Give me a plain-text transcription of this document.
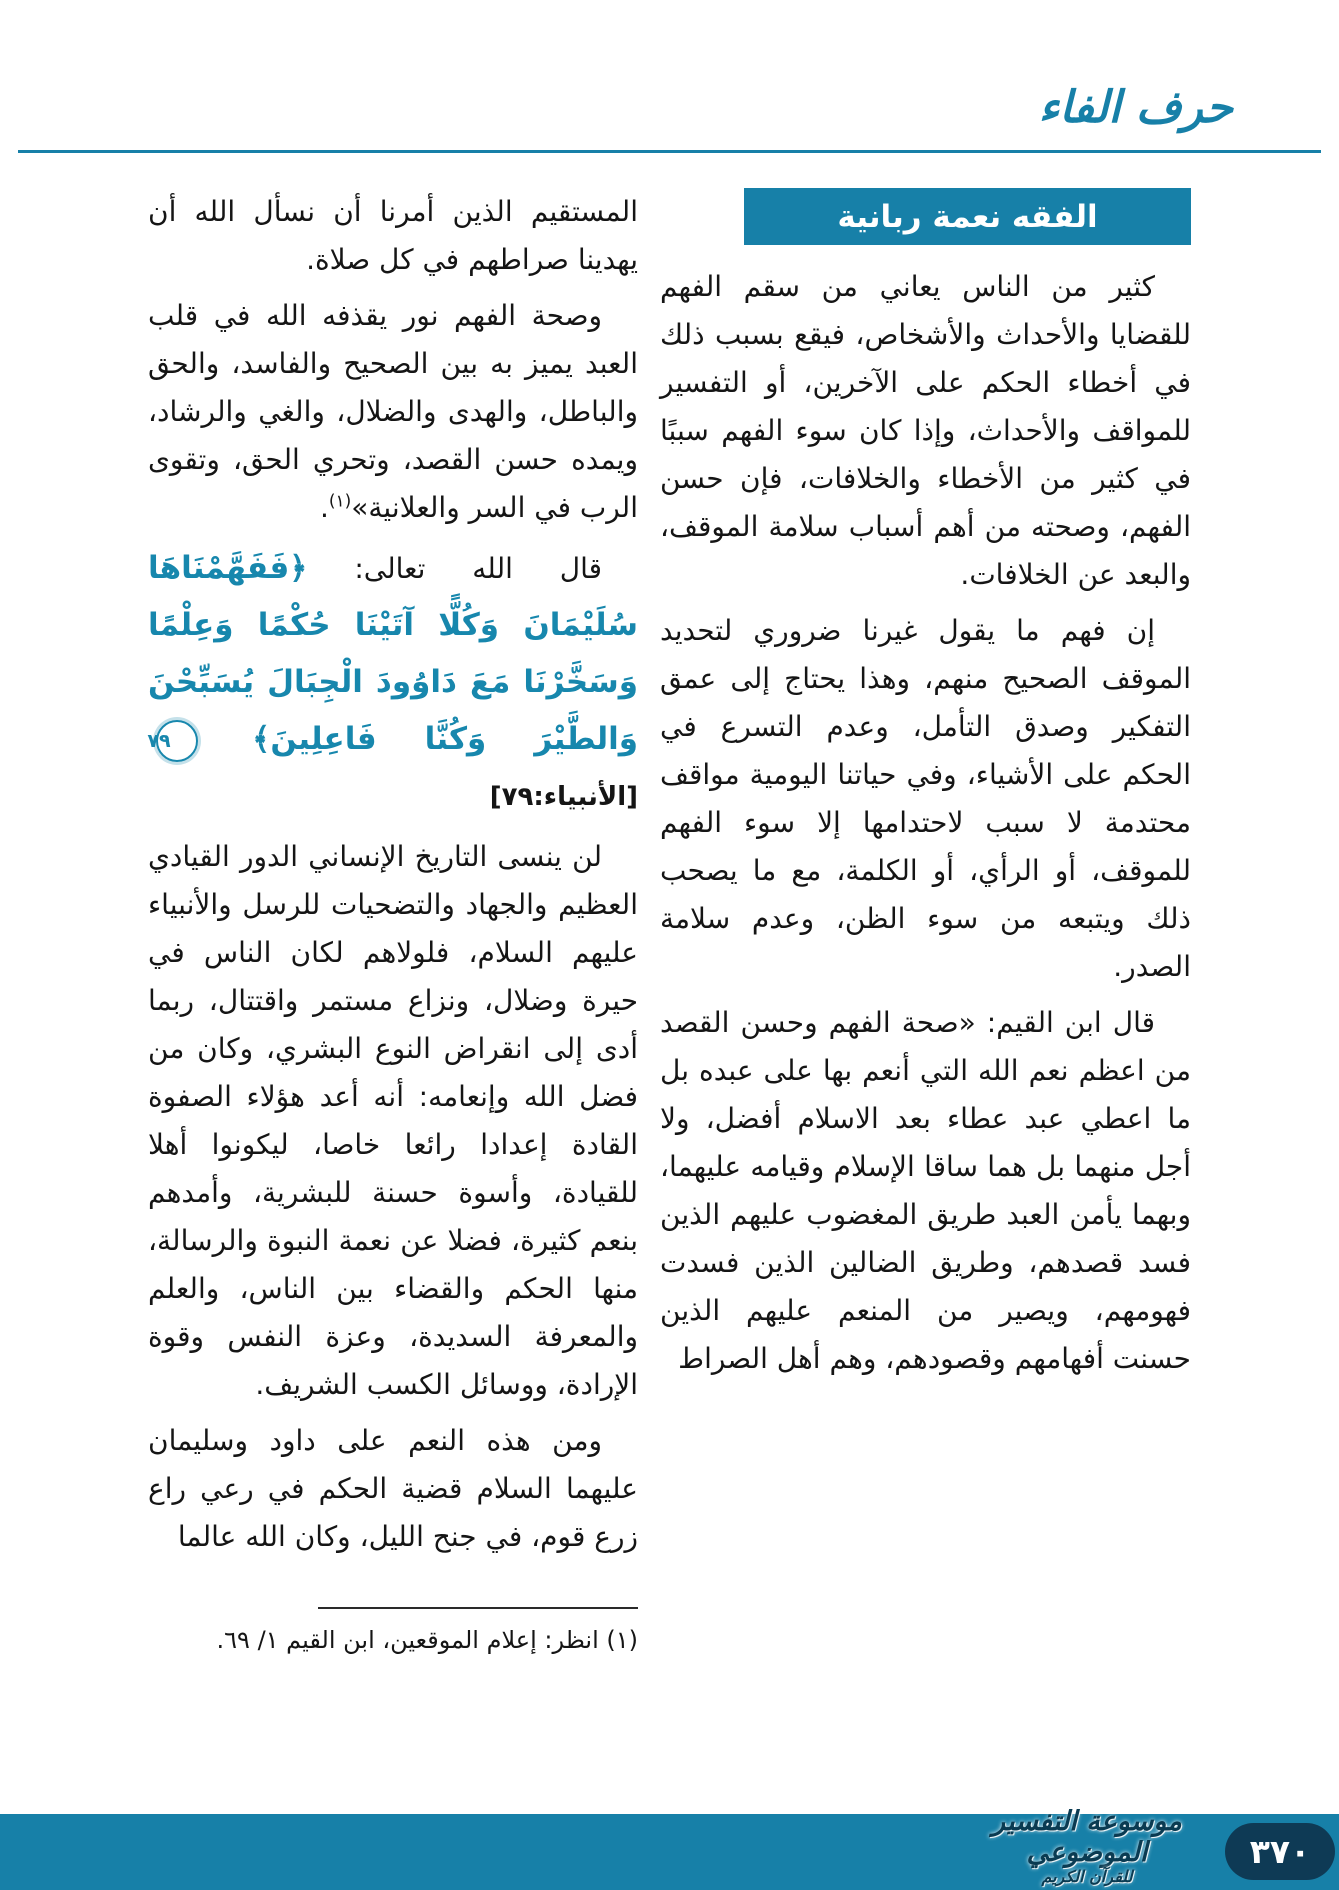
حرف الفاء
الفقه نعمة ربانية

كثير من الناس يعاني من سقم الفهم للقضايا والأحداث والأشخاص، فيقع بسبب ذلك في أخطاء الحكم على الآخرين، أو التفسير للمواقف والأحداث، وإذا كان سوء الفهم سببًا في كثير من الأخطاء والخلافات، فإن حسن الفهم، وصحته من أهم أسباب سلامة الموقف، والبعد عن الخلافات.

إن فهم ما يقول غيرنا ضروري لتحديد الموقف الصحيح منهم، وهذا يحتاج إلى عمق التفكير وصدق التأمل، وعدم التسرع في الحكم على الأشياء، وفي حياتنا اليومية مواقف محتدمة لا سبب لاحتدامها إلا سوء الفهم للموقف، أو الرأي، أو الكلمة، مع ما يصحب ذلك ويتبعه من سوء الظن، وعدم سلامة الصدر.

قال ابن القيم: «صحة الفهم وحسن القصد من اعظم نعم الله التي أنعم بها على عبده بل ما اعطي عبد عطاء بعد الاسلام أفضل، ولا أجل منهما بل هما ساقا الإسلام وقيامه عليهما، وبهما يأمن العبد طريق المغضوب عليهم الذين فسد قصدهم، وطريق الضالين الذين فسدت فهومهم، ويصير من المنعم عليهم الذين حسنت أفهامهم وقصودهم، وهم أهل الصراط

المستقيم الذين أمرنا أن نسأل الله أن يهدينا صراطهم في كل صلاة.

وصحة الفهم نور يقذفه الله في قلب العبد يميز به بين الصحيح والفاسد، والحق والباطل، والهدى والضلال، والغي والرشاد، ويمده حسن القصد، وتحري الحق، وتقوى الرب في السر والعلانية»$^{(١)}$.

قال الله تعالى: ﴿فَفَهَّمْنَاهَا سُلَيْمَانَ وَكُلًّا آتَيْنَا حُكْمًا وَعِلْمًا وَسَخَّرْنَا مَعَ دَاوُودَ الْجِبَالَ يُسَبِّحْنَ وَالطَّيْرَ وَكُنَّا فَاعِلِينَ﴾
٧٩
[الأنبياء:٧٩]

لن ينسى التاريخ الإنساني الدور القيادي العظيم والجهاد والتضحيات للرسل والأنبياء عليهم السلام، فلولاهم لكان الناس في حيرة وضلال، ونزاع مستمر واقتتال، ربما أدى إلى انقراض النوع البشري، وكان من فضل الله وإنعامه: أنه أعد هؤلاء الصفوة القادة إعدادا رائعا خاصا، ليكونوا أهلا للقيادة، وأسوة حسنة للبشرية، وأمدهم بنعم كثيرة، فضلا عن نعمة النبوة والرسالة، منها الحكم والقضاء بين الناس، والعلم والمعرفة السديدة، وعزة النفس وقوة الإرادة، ووسائل الكسب الشريف.

ومن هذه النعم على داود وسليمان عليهما السلام قضية الحكم في رعي راع زرع قوم، في جنح الليل، وكان الله عالما

(١) انظر: إعلام الموقعين، ابن القيم ١/ ٦٩.

موسوعة التفسير الموضوعي
للقرآن الكريم
٣٧٠
